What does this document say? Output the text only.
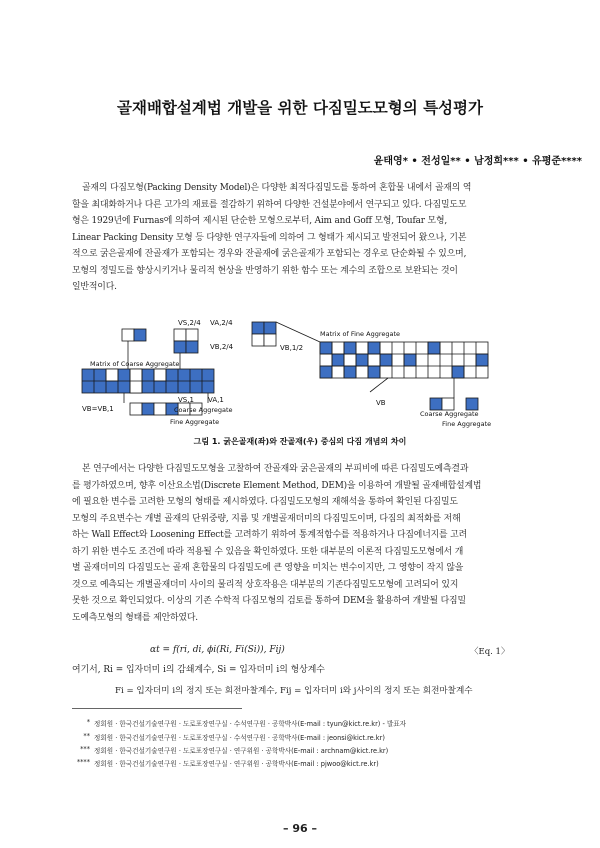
골재배합설계법 개발을 위한 다짐밀도모형의 특성평가
윤태영* • 전성일** • 남정희*** • 유평준****
골재의 다짐모형(Packing Density Model)은 다양한 최적다짐밀도를 통하여 혼합물 내에서 골재의 역
할을 최대화하거나 다른 고가의 재료를 절감하기 위하여 다양한 건설분야에서 연구되고 있다. 다짐밀도모
형은 1929년에 Furnas에 의하여 제시된 단순한 모형으로부터, Aim and Goff 모형, Toufar 모형,
Linear Packing Density 모형 등 다양한 연구자들에 의하여 그 형태가 제시되고 발전되어 왔으나, 기본
적으로 굵은골재에 잔골재가 포함되는 경우와 잔골재에 굵은골재가 포함되는 경우로 단순화될 수 있으며,
모형의 정밀도를 향상시키거나 물리적 현상을 반영하기 위한 함수 또는 계수의 조합으로 보완되는 것이
일반적이다.
VS,2/4 VA,2/4
VB,2/4
Matrix of Coarse Aggregate
VB=VB,1
VS,1 VA,1
Coarse Aggregate
Fine Aggregate
VB,1/2
Matrix of Fine Aggregate
VB
Coarse Aggregate
Fine Aggregate
그림 1. 굵은골재(좌)와 잔골재(우) 중심의 다짐 개념의 차이
본 연구에서는 다양한 다짐밀도모형을 고찰하여 잔골재와 굵은골재의 부피비에 따른 다짐밀도예측결과
를 평가하였으며, 향후 이산요소법(Discrete Element Method, DEM)을 이용하여 개발될 골재배합설계법
에 필요한 변수를 고려한 모형의 형태를 제시하였다. 다짐밀도모형의 재해석을 통하여 확인된 다짐밀도
모형의 주요변수는 개별 골재의 단위중량, 지름 및 개별골재더미의 다짐밀도이며, 다짐의 최적화를 저해
하는 Wall Effect와 Loosening Effect를 고려하기 위하여 통계적함수를 적용하거나 다짐에너지를 고려
하기 위한 변수도 조건에 따라 적용될 수 있음을 확인하였다. 또한 대부분의 이론적 다짐밀도모형에서 개
별 골재더미의 다짐밀도는 골재 혼합물의 다짐밀도에 큰 영향을 미치는 변수이지만, 그 영향이 작지 않을
것으로 예측되는 개별골재더미 사이의 물리적 상호작용은 대부분의 기존다짐밀도모형에 고려되어 있지
못한 것으로 확인되었다. 이상의 기존 수학적 다짐모형의 검토를 통하여 DEM을 활용하여 개발될 다짐밀
도예측모형의 형태를 제안하였다.
αt = f(ri, di, ϕi(Ri, Fi(Si)), Fij)	〈Eq. 1〉
여기서, Ri = 입자더미 i의 감쇄계수, Si = 입자더미 i의 형상계수
Fi = 입자더미 i의 정지 또는 회전마찰계수, Fij = 입자더미 i와 j사이의 정지 또는 회전마찰계수
* 정회원 · 한국건설기술연구원 · 도로포장연구실 · 수석연구원 · 공학박사(E-mail : tyun@kict.re.kr) - 발표자
** 정회원 · 한국건설기술연구원 · 도로포장연구실 · 수석연구원 · 공학박사(E-mail : jeonsi@kict.re.kr)
*** 정회원 · 한국건설기술연구원 · 도로포장연구실 · 연구위원 · 공학박사(E-mail : archnam@kict.re.kr)
**** 정회원 · 한국건설기술연구원 · 도로포장연구실 · 연구위원 · 공학박사(E-mail : pjwoo@kict.re.kr)
– 96 –
